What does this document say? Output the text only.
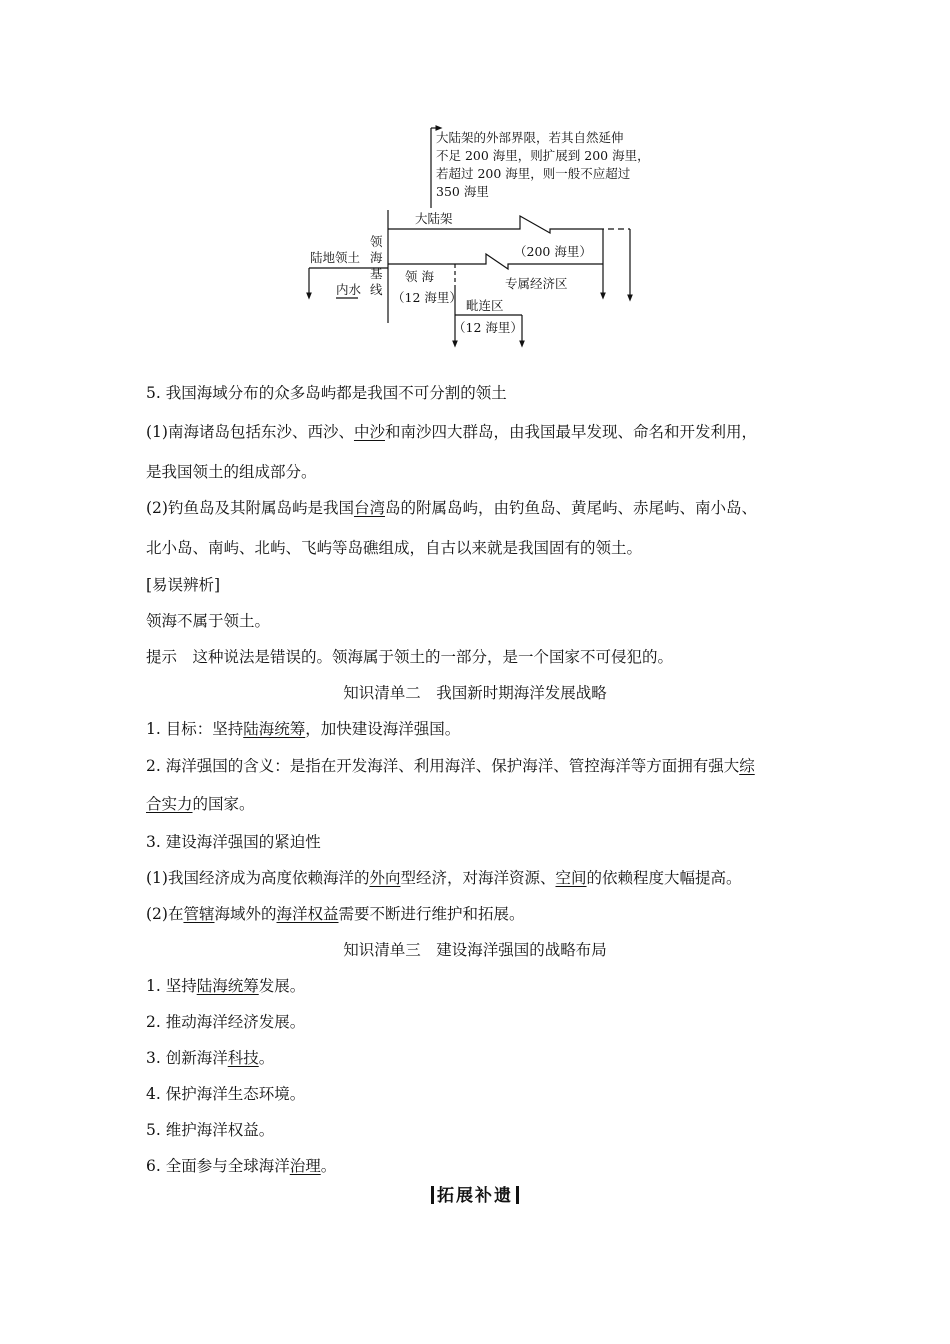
大陆架的外部界限，若其自然延伸
不足 200 海里，则扩展到 200 海里，
若超过 200 海里，则一般不应超过
350 海里
大陆架
领
海
基
线
陆地领土
内水
领 海
（12 海里）
（200 海里）
专属经济区
毗连区
（12 海里）
5. 我国海域分布的众多岛屿都是我国不可分割的领土
(1)南海诸岛包括东沙、西沙、中沙和南沙四大群岛，由我国最早发现、命名和开发利用，
是我国领土的组成部分。
(2)钓鱼岛及其附属岛屿是我国台湾岛的附属岛屿，由钓鱼岛、黄尾屿、赤尾屿、南小岛、
北小岛、南屿、北屿、飞屿等岛礁组成，自古以来就是我国固有的领土。
[易误辨析]
领海不属于领土。
提示　这种说法是错误的。领海属于领土的一部分，是一个国家不可侵犯的。
知识清单二　我国新时期海洋发展战略
1. 目标：坚持陆海统筹，加快建设海洋强国。
2. 海洋强国的含义：是指在开发海洋、利用海洋、保护海洋、管控海洋等方面拥有强大综
合实力的国家。
3. 建设海洋强国的紧迫性
(1)我国经济成为高度依赖海洋的外向型经济，对海洋资源、空间的依赖程度大幅提高。
(2)在管辖海域外的海洋权益需要不断进行维护和拓展。
知识清单三　建设海洋强国的战略布局
1. 坚持陆海统筹发展。
2. 推动海洋经济发展。
3. 创新海洋科技。
4. 保护海洋生态环境。
5. 维护海洋权益。
6. 全面参与全球海洋治理。
拓展补遗
